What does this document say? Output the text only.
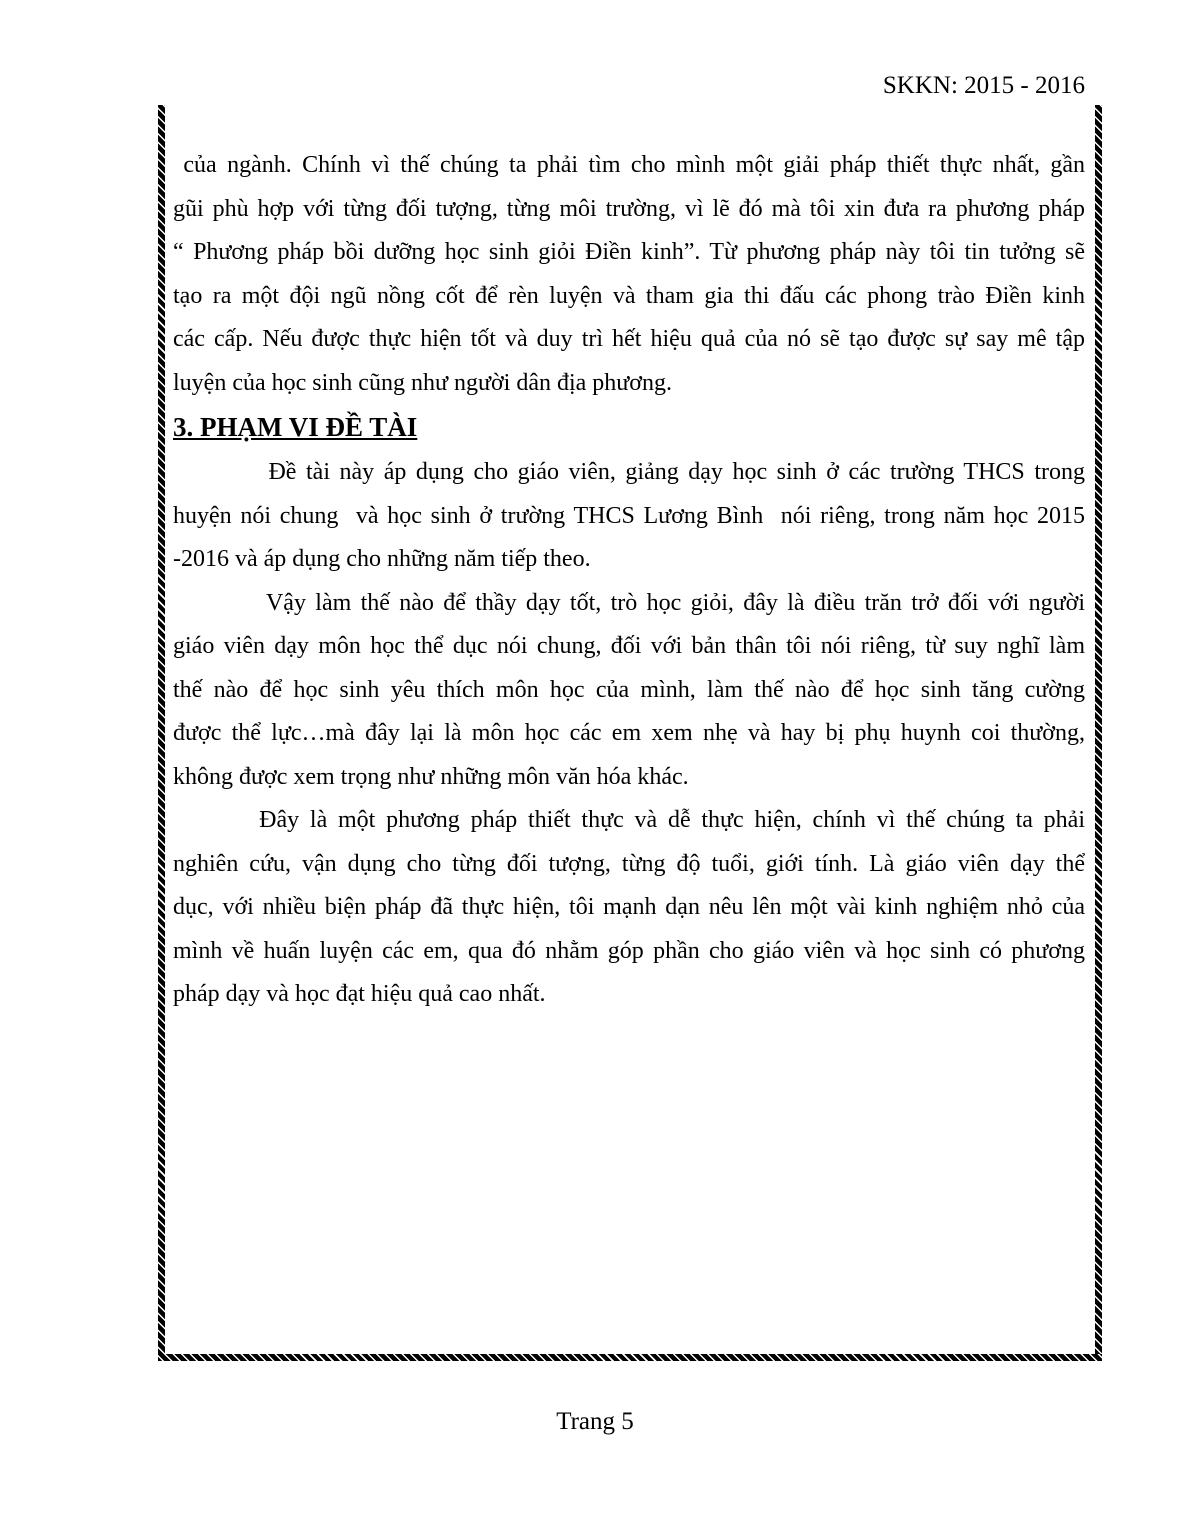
SKKN: 2015 - 2016
của ngành. Chính vì thế chúng ta phải tìm cho mình một giải pháp thiết thực nhất, gần
gũi phù hợp với từng đối tượng, từng môi trường, vì lẽ đó mà tôi xin đưa ra phương pháp
“ Phương pháp bồi dưỡng học sinh giỏi Điền kinh”. Từ phương pháp này tôi tin tưởng sẽ
tạo ra một đội ngũ nồng cốt để rèn luyện và tham gia thi đấu các phong trào Điền kinh
các cấp. Nếu được thực hiện tốt và duy trì hết hiệu quả của nó sẽ tạo được sự say mê tập
luyện của học sinh cũng như người dân địa phương.
3. PHẠM VI ĐỀ TÀI
Đề tài này áp dụng cho giáo viên, giảng dạy học sinh ở các trường THCS trong
huyện nói chung  và học sinh ở trường THCS Lương Bình  nói riêng, trong năm học 2015
-2016 và áp dụng cho những năm tiếp theo.
Vậy làm thế nào để thầy dạy tốt, trò học giỏi, đây là điều trăn trở đối với người
giáo viên dạy môn học thể dục nói chung, đối với bản thân tôi nói riêng, từ suy nghĩ làm
thế nào để học sinh yêu thích môn học của mình, làm thế nào để học sinh tăng cường
được thể lực…mà đây lại là môn học các em xem nhẹ và hay bị phụ huynh coi thường,
không được xem trọng như những môn văn hóa khác.
Đây là một phương pháp thiết thực và dễ thực hiện, chính vì thế chúng ta phải
nghiên cứu, vận dụng cho từng đối tượng, từng độ tuổi, giới tính. Là giáo viên dạy thể
dục, với nhiều biện pháp đã thực hiện, tôi mạnh dạn nêu lên một vài kinh nghiệm nhỏ của
mình về huấn luyện các em, qua đó nhằm góp phần cho giáo viên và học sinh có phương
pháp dạy và học đạt hiệu quả cao nhất.
Trang 5
